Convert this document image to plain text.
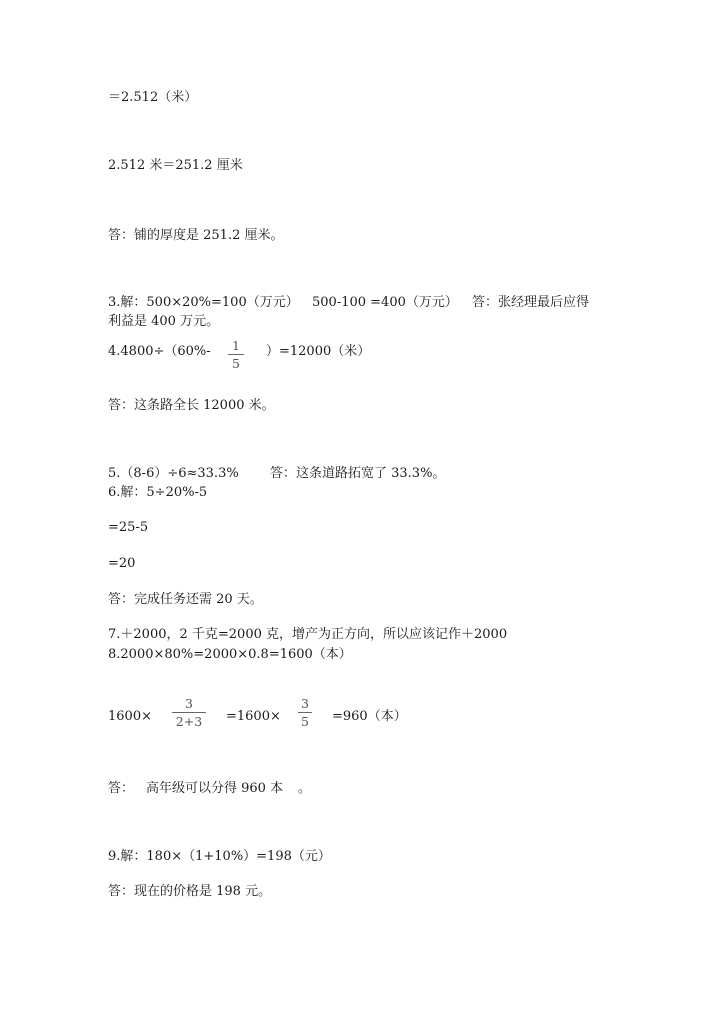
＝2.512（米）
2.512 米＝251.2 厘米
答：铺的厚度是 251.2 厘米。
3.解：500×20%=100（万元） 500-100 =400（万元） 答：张经理最后应得
利益是 400 万元。
4.4800÷（60%- 1
5
）=12000（米）
答：这条路全长 12000 米。
5.（8-6）÷6≈33.3% 答：这条道路拓宽了 33.3%。
6.解：5÷20%-5
=25-5
=20
答：完成任务还需 20 天。
7.＋2000，2 千克=2000 克，增产为正方向，所以应该记作＋2000
8.2000×80%=2000×0.8=1600（本）
1600×
3
2+3 =1600×
3
5 =960（本）
答： 高年级可以分得 960 本 。
9.解：180×（1+10%）=198（元）
答：现在的价格是 198 元。
